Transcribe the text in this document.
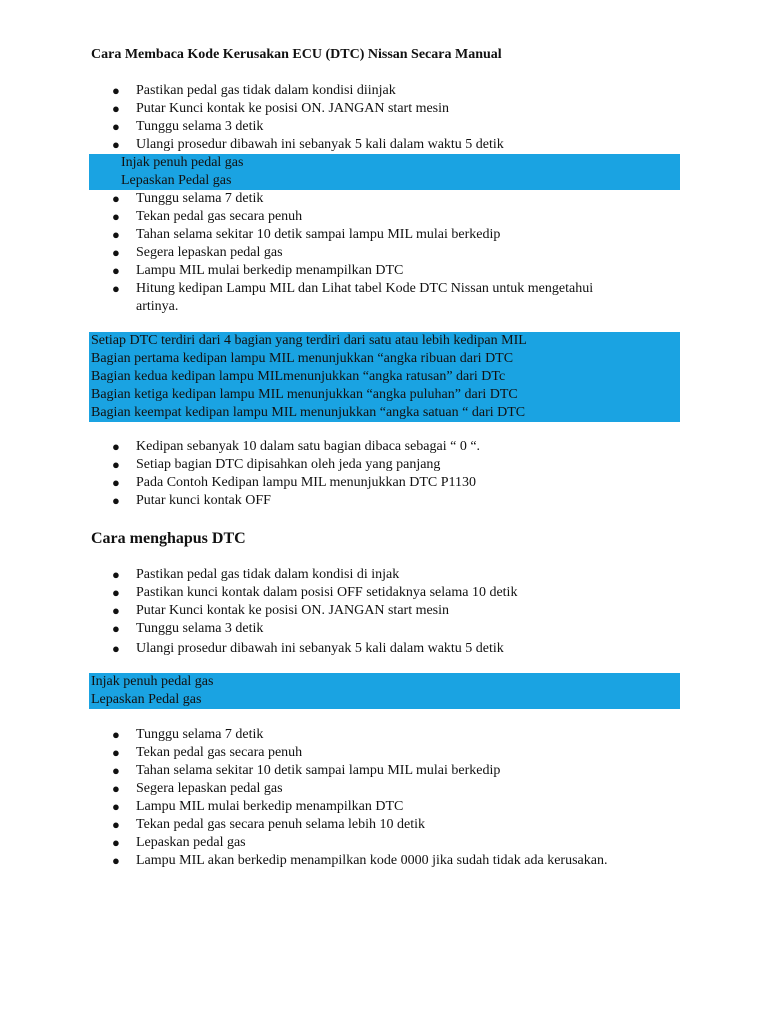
Cara Membaca Kode Kerusakan ECU (DTC) Nissan Secara Manual

● Pastikan pedal gas tidak dalam kondisi diinjak
● Putar Kunci kontak ke posisi ON. JANGAN start mesin
● Tunggu selama 3 detik
● Ulangi prosedur dibawah ini sebanyak 5 kali dalam waktu 5 detik
Injak penuh pedal gas
Lepaskan Pedal gas
● Tunggu selama 7 detik
● Tekan pedal gas secara penuh
● Tahan selama sekitar 10 detik sampai lampu MIL mulai berkedip
● Segera lepaskan pedal gas
● Lampu MIL mulai berkedip menampilkan DTC
● Hitung kedipan Lampu MIL dan Lihat tabel Kode DTC Nissan untuk mengetahui
artinya.
Setiap DTC terdiri dari 4 bagian yang terdiri dari satu atau lebih kedipan MIL
Bagian pertama kedipan lampu MIL menunjukkan “angka ribuan dari DTC
Bagian kedua kedipan lampu MILmenunjukkan “angka ratusan” dari DTc
Bagian ketiga kedipan lampu MIL menunjukkan “angka puluhan” dari DTC
Bagian keempat kedipan lampu MIL menunjukkan “angka satuan “ dari DTC
● Kedipan sebanyak 10 dalam satu bagian dibaca sebagai “ 0 “.
● Setiap bagian DTC dipisahkan oleh jeda yang panjang
● Pada Contoh Kedipan lampu MIL menunjukkan DTC P1130
● Putar kunci kontak OFF

Cara menghapus DTC

● Pastikan pedal gas tidak dalam kondisi di injak
● Pastikan kunci kontak dalam posisi OFF setidaknya selama 10 detik
● Putar Kunci kontak ke posisi ON. JANGAN start mesin
● Tunggu selama 3 detik
● Ulangi prosedur dibawah ini sebanyak 5 kali dalam waktu 5 detik
Injak penuh pedal gas
Lepaskan Pedal gas
● Tunggu selama 7 detik
● Tekan pedal gas secara penuh
● Tahan selama sekitar 10 detik sampai lampu MIL mulai berkedip
● Segera lepaskan pedal gas
● Lampu MIL mulai berkedip menampilkan DTC
● Tekan pedal gas secara penuh selama lebih 10 detik
● Lepaskan pedal gas
● Lampu MIL akan berkedip menampilkan kode 0000 jika sudah tidak ada kerusakan.
